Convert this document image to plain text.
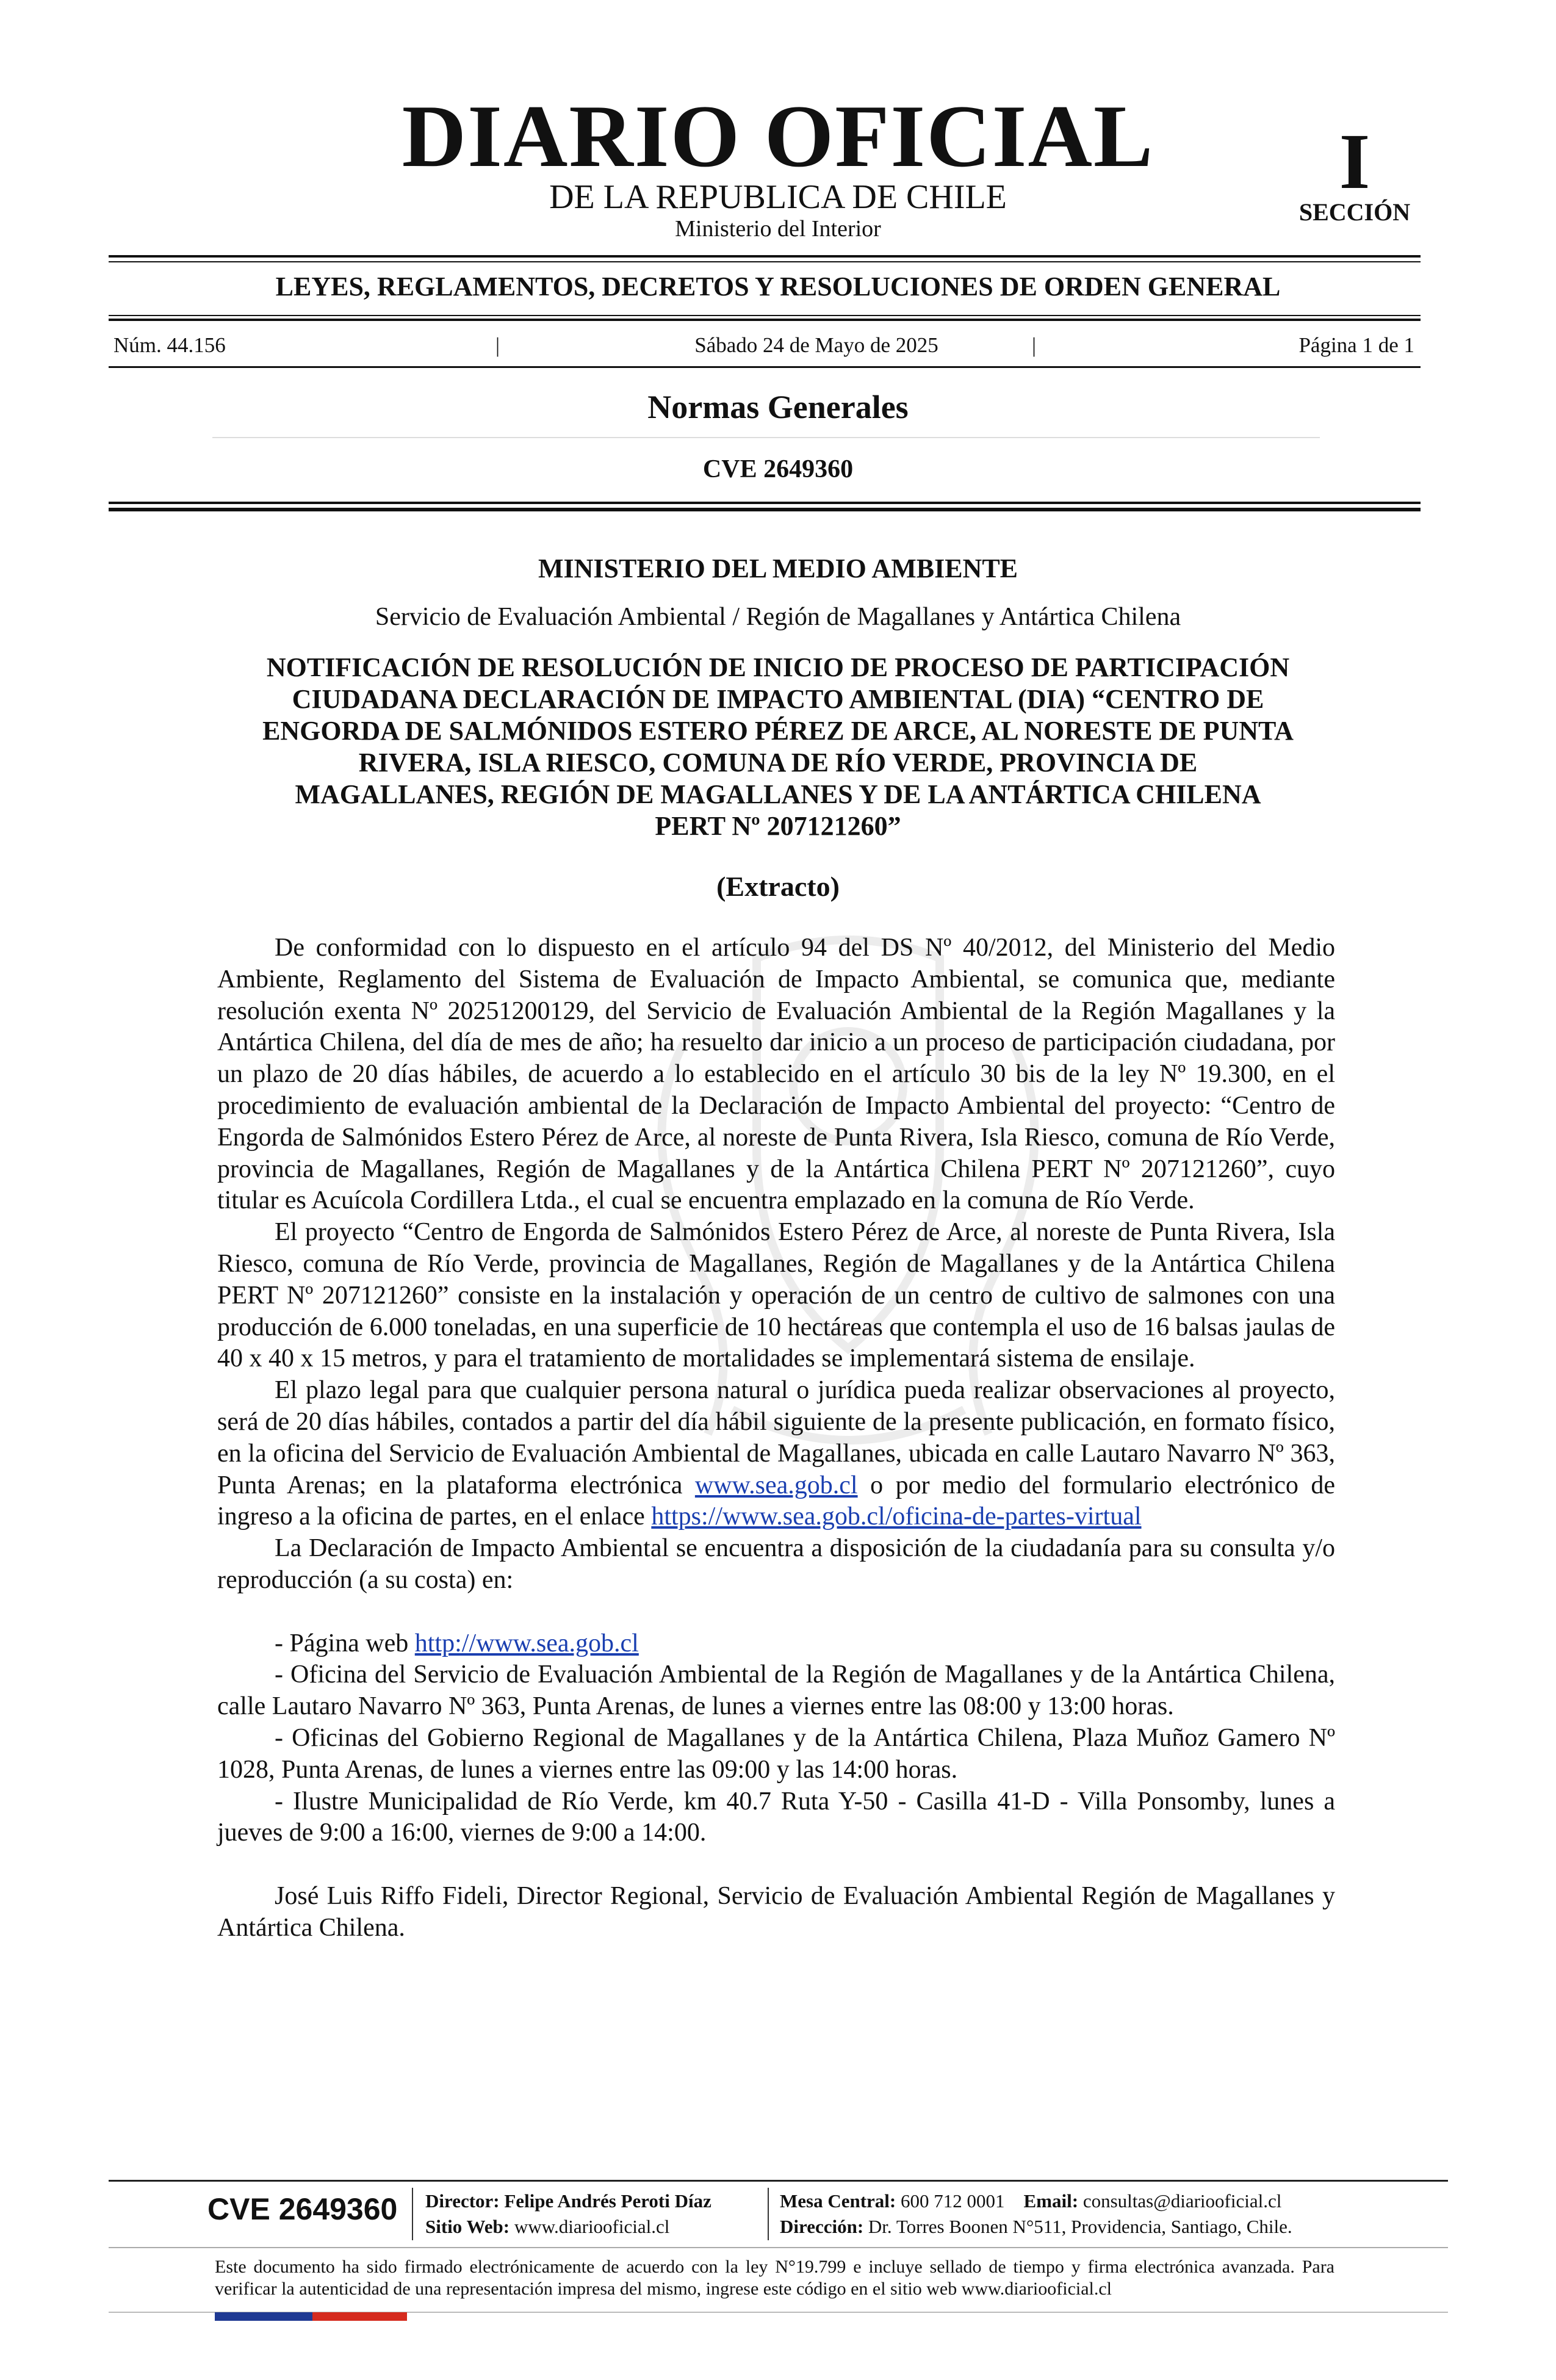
DIARIO OFICIAL
DE LA REPUBLICA DE CHILE
Ministerio del Interior
I
SECCIÓN
LEYES, REGLAMENTOS, DECRETOS Y RESOLUCIONES DE ORDEN GENERAL
Núm. 44.156	|	Sábado 24 de Mayo de 2025	|	Página 1 de 1
Normas Generales
CVE 2649360
MINISTERIO DEL MEDIO AMBIENTE
Servicio de Evaluación Ambiental / Región de Magallanes y Antártica Chilena
NOTIFICACIÓN DE RESOLUCIÓN DE INICIO DE PROCESO DE PARTICIPACIÓN
CIUDADANA DECLARACIÓN DE IMPACTO AMBIENTAL (DIA) “CENTRO DE
ENGORDA DE SALMÓNIDOS ESTERO PÉREZ DE ARCE, AL NORESTE DE PUNTA
RIVERA, ISLA RIESCO, COMUNA DE RÍO VERDE, PROVINCIA DE
MAGALLANES, REGIÓN DE MAGALLANES Y DE LA ANTÁRTICA CHILENA
PERT Nº 207121260”
(Extracto)

De conformidad con lo dispuesto en el artículo 94 del DS Nº 40/2012, del Ministerio del Medio Ambiente, Reglamento del Sistema de Evaluación de Impacto Ambiental, se comunica que, mediante resolución exenta Nº 20251200129, del Servicio de Evaluación Ambiental de la Región Magallanes y la Antártica Chilena, del día de mes de año; ha resuelto dar inicio a un proceso de participación ciudadana, por un plazo de 20 días hábiles, de acuerdo a lo establecido en el artículo 30 bis de la ley Nº 19.300, en el procedimiento de evaluación ambiental de la Declaración de Impacto Ambiental del proyecto: “Centro de Engorda de Salmónidos Estero Pérez de Arce, al noreste de Punta Rivera, Isla Riesco, comuna de Río Verde, provincia de Magallanes, Región de Magallanes y de la Antártica Chilena PERT Nº 207121260”, cuyo titular es Acuícola Cordillera Ltda., el cual se encuentra emplazado en la comuna de Río Verde.

El proyecto “Centro de Engorda de Salmónidos Estero Pérez de Arce, al noreste de Punta Rivera, Isla Riesco, comuna de Río Verde, provincia de Magallanes, Región de Magallanes y de la Antártica Chilena PERT Nº 207121260” consiste en la instalación y operación de un centro de cultivo de salmones con una producción de 6.000 toneladas, en una superficie de 10 hectáreas que contempla el uso de 16 balsas jaulas de 40 x 40 x 15 metros, y para el tratamiento de mortalidades se implementará sistema de ensilaje.

El plazo legal para que cualquier persona natural o jurídica pueda realizar observaciones al proyecto, será de 20 días hábiles, contados a partir del día hábil siguiente de la presente publicación, en formato físico, en la oficina del Servicio de Evaluación Ambiental de Magallanes, ubicada en calle Lautaro Navarro Nº 363, Punta Arenas; en la plataforma electrónica www.sea.gob.cl o por medio del formulario electrónico de ingreso a la oficina de partes, en el enlace https://www.sea.gob.cl/oficina-de-partes-virtual

La Declaración de Impacto Ambiental se encuentra a disposición de la ciudadanía para su consulta y/o reproducción (a su costa) en:

- Página web http://www.sea.gob.cl

- Oficina del Servicio de Evaluación Ambiental de la Región de Magallanes y de la Antártica Chilena, calle Lautaro Navarro Nº 363, Punta Arenas, de lunes a viernes entre las 08:00 y 13:00 horas.

- Oficinas del Gobierno Regional de Magallanes y de la Antártica Chilena, Plaza Muñoz Gamero Nº 1028, Punta Arenas, de lunes a viernes entre las 09:00 y las 14:00 horas.

- Ilustre Municipalidad de Río Verde, km 40.7 Ruta Y-50 - Casilla 41-D - Villa Ponsomby, lunes a jueves de 9:00 a 16:00, viernes de 9:00 a 14:00.

José Luis Riffo Fideli, Director Regional, Servicio de Evaluación Ambiental Región de Magallanes y Antártica Chilena.

CVE 2649360 Director: Felipe Andrés Peroti Díaz
Sitio Web: www.diariooficial.cl
Mesa Central: 600 712 0001 Email: consultas@diariooficial.cl
Dirección: Dr. Torres Boonen N°511, Providencia, Santiago, Chile.
Este documento ha sido firmado electrónicamente de acuerdo con la ley N°19.799 e incluye sellado de tiempo y firma electrónica avanzada. Para verificar la autenticidad de una representación impresa del mismo, ingrese este código en el sitio web www.diariooficial.cl
